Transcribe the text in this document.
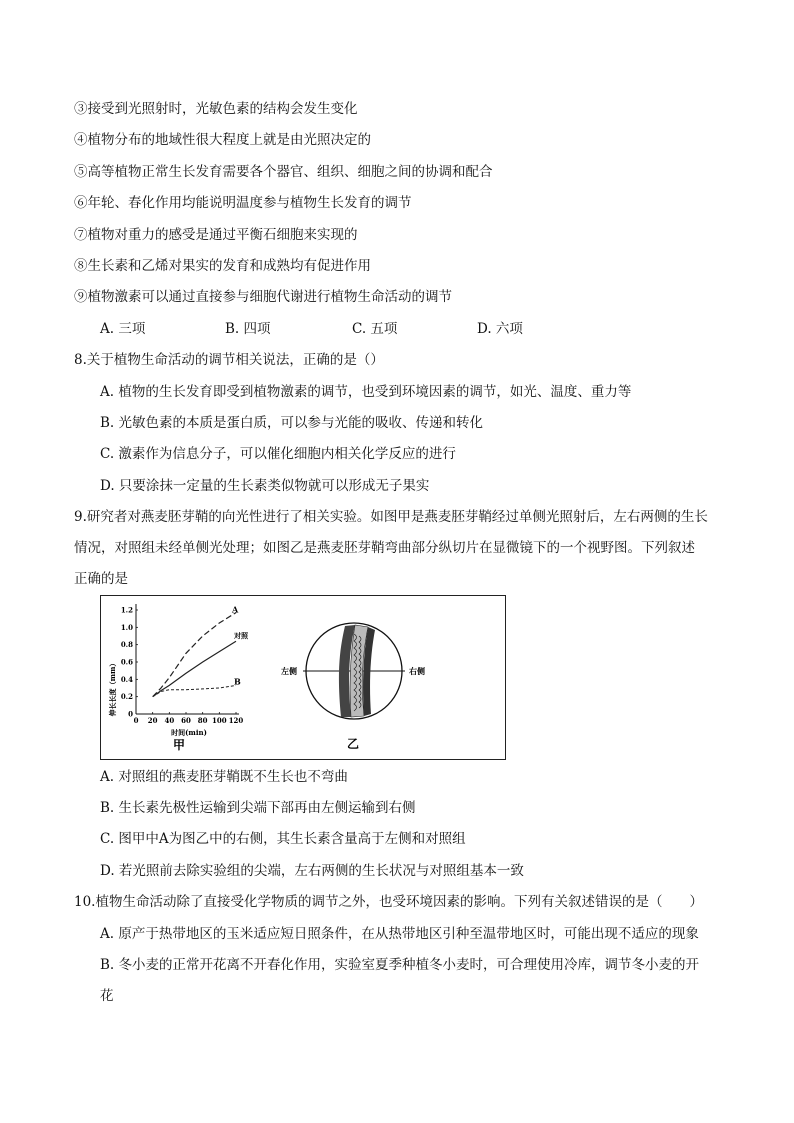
③接受到光照射时，光敏色素的结构会发生变化
④植物分布的地域性很大程度上就是由光照决定的
⑤高等植物正常生长发育需要各个器官、组织、细胞之间的协调和配合
⑥年轮、春化作用均能说明温度参与植物生长发育的调节
⑦植物对重力的感受是通过平衡石细胞来实现的
⑧生长素和乙烯对果实的发育和成熟均有促进作用
⑨植物激素可以通过直接参与细胞代谢进行植物生命活动的调节
A. 三项	B. 四项	C. 五项	D. 六项
8.关于植物生命活动的调节相关说法，正确的是（）
A. 植物的生长发育即受到植物激素的调节，也受到环境因素的调节，如光、温度、重力等
B. 光敏色素的本质是蛋白质，可以参与光能的吸收、传递和转化
C. 激素作为信息分子，可以催化细胞内相关化学反应的进行
D. 只要涂抹一定量的生长素类似物就可以形成无子果实
9.研究者对燕麦胚芽鞘的向光性进行了相关实验。如图甲是燕麦胚芽鞘经过单侧光照射后，左右两侧的生长
情况，对照组未经单侧光处理；如图乙是燕麦胚芽鞘弯曲部分纵切片在显微镜下的一个视野图。下列叙述
正确的是
1.2
1.0
0.8
0.6
0.4
0.2
0
0 20 40 60 80 100 120
A
对照
B
伸长长度（mm）
时间(min)
甲
左侧	右侧
乙
A. 对照组的燕麦胚芽鞘既不生长也不弯曲
B. 生长素先极性运输到尖端下部再由左侧运输到右侧
C. 图甲中A为图乙中的右侧，其生长素含量高于左侧和对照组
D. 若光照前去除实验组的尖端，左右两侧的生长状况与对照组基本一致
10.植物生命活动除了直接受化学物质的调节之外，也受环境因素的影响。下列有关叙述错误的是（　　）
A. 原产于热带地区的玉米适应短日照条件，在从热带地区引种至温带地区时，可能出现不适应的现象
B. 冬小麦的正常开花离不开春化作用，实验室夏季种植冬小麦时，可合理使用冷库，调节冬小麦的开
花
